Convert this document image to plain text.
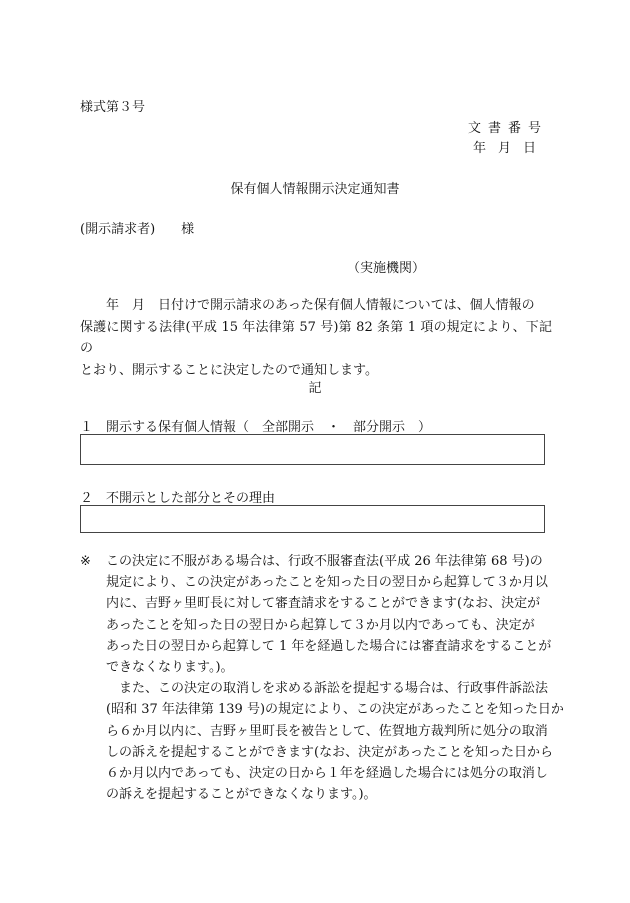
様式第３号
文書番号
年月日
保有個人情報開示決定通知書
(開示請求者)　　様
（実施機関）
　　年　月　日付けで開示請求のあった保有個人情報については、個人情報の
保護に関する法律(平成 15 年法律第 57 号)第 82 条第 1 項の規定により、下記の
とおり、開示することに決定したので通知します。
記
１　開示する保有個人情報（　全部開示　・　部分開示　）
２　不開示とした部分とその理由
※ この決定に不服がある場合は、行政不服審査法(平成 26 年法律第 68 号)の
規定により、この決定があったことを知った日の翌日から起算して３か月以
内に、吉野ヶ里町長に対して審査請求をすることができます(なお、決定が
あったことを知った日の翌日から起算して３か月以内であっても、決定が
あった日の翌日から起算して 1 年を経過した場合には審査請求をすることが
できなくなります。)。
　また、この決定の取消しを求める訴訟を提起する場合は、行政事件訴訟法
(昭和 37 年法律第 139 号)の規定により、この決定があったことを知った日か
ら６か月以内に、吉野ヶ里町長を被告として、佐賀地方裁判所に処分の取消
しの訴えを提起することができます(なお、決定があったことを知った日から
６か月以内であっても、決定の日から１年を経過した場合には処分の取消し
の訴えを提起することができなくなります。)。
